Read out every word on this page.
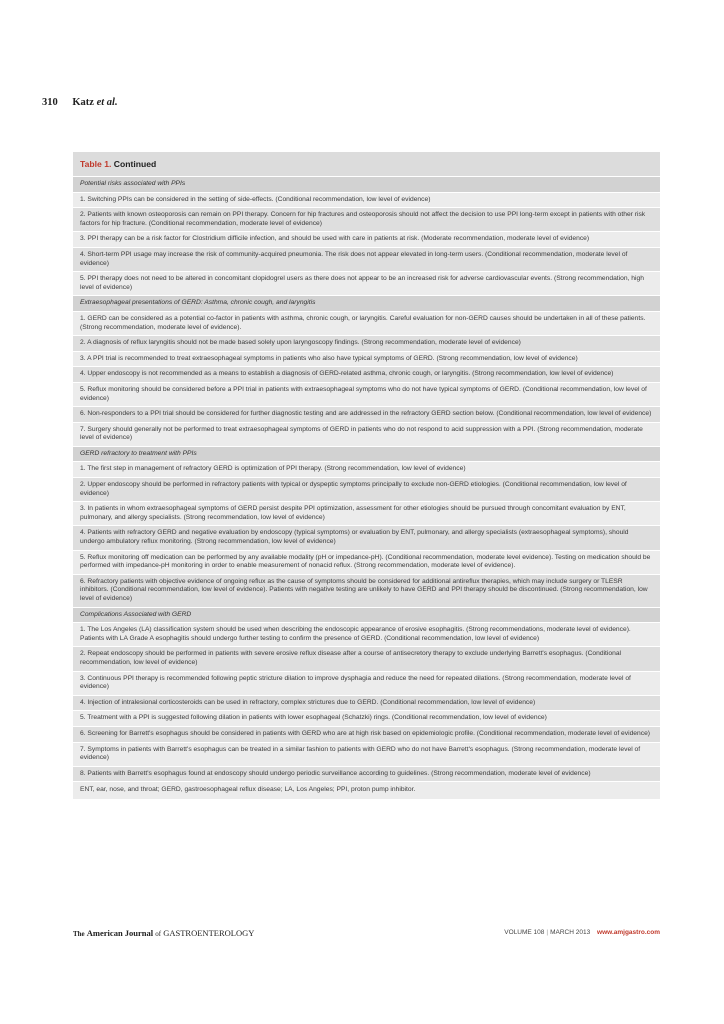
310 Katz et al.
Table 1. Continued
Potential risks associated with PPIs
1. Switching PPIs can be considered in the setting of side-effects. (Conditional recommendation, low level of evidence)
2. Patients with known osteoporosis can remain on PPI therapy. Concern for hip fractures and osteoporosis should not affect the decision to use PPI long-term except in patients with other risk factors for hip fracture. (Conditional recommendation, moderate level of evidence)
3. PPI therapy can be a risk factor for Clostridium difficile infection, and should be used with care in patients at risk. (Moderate recommendation, moderate level of evidence)
4. Short-term PPI usage may increase the risk of community-acquired pneumonia. The risk does not appear elevated in long-term users. (Conditional recommendation, moderate level of evidence)
5. PPI therapy does not need to be altered in concomitant clopidogrel users as there does not appear to be an increased risk for adverse cardiovascular events. (Strong recommendation, high level of evidence)
Extraesophageal presentations of GERD: Asthma, chronic cough, and laryngitis
1. GERD can be considered as a potential co-factor in patients with asthma, chronic cough, or laryngitis. Careful evaluation for non-GERD causes should be undertaken in all of these patients. (Strong recommendation, moderate level of evidence).
2. A diagnosis of reflux laryngitis should not be made based solely upon laryngoscopy findings. (Strong recommendation, moderate level of evidence)
3. A PPI trial is recommended to treat extraesophageal symptoms in patients who also have typical symptoms of GERD. (Strong recommendation, low level of evidence)
4. Upper endoscopy is not recommended as a means to establish a diagnosis of GERD-related asthma, chronic cough, or laryngitis. (Strong recommendation, low level of evidence)
5. Reflux monitoring should be considered before a PPI trial in patients with extraesophageal symptoms who do not have typical symptoms of GERD. (Conditional recommendation, low level of evidence)
6. Non-responders to a PPI trial should be considered for further diagnostic testing and are addressed in the refractory GERD section below. (Conditional recommendation, low level of evidence)
7. Surgery should generally not be performed to treat extraesophageal symptoms of GERD in patients who do not respond to acid suppression with a PPI. (Strong recommendation, moderate level of evidence)
GERD refractory to treatment with PPIs
1. The first step in management of refractory GERD is optimization of PPI therapy. (Strong recommendation, low level of evidence)
2. Upper endoscopy should be performed in refractory patients with typical or dyspeptic symptoms principally to exclude non-GERD etiologies. (Conditional recommendation, low level of evidence)
3. In patients in whom extraesophageal symptoms of GERD persist despite PPI optimization, assessment for other etiologies should be pursued through concomitant evaluation by ENT, pulmonary, and allergy specialists. (Strong recommendation, low level of evidence)
4. Patients with refractory GERD and negative evaluation by endoscopy (typical symptoms) or evaluation by ENT, pulmonary, and allergy specialists (extraesophageal symptoms), should undergo ambulatory reflux monitoring. (Strong recommendation, low level of evidence)
5. Reflux monitoring off medication can be performed by any available modality (pH or impedance-pH). (Conditional recommendation, moderate level evidence). Testing on medication should be performed with impedance-pH monitoring in order to enable measurement of nonacid reflux. (Strong recommendation, moderate level of evidence).
6. Refractory patients with objective evidence of ongoing reflux as the cause of symptoms should be considered for additional antireflux therapies, which may include surgery or TLESR inhibitors. (Conditional recommendation, low level of evidence). Patients with negative testing are unlikely to have GERD and PPI therapy should be discontinued. (Strong recommendation, low level of evidence)
Complications Associated with GERD
1. The Los Angeles (LA) classification system should be used when describing the endoscopic appearance of erosive esophagitis. (Strong recommendations, moderate level of evidence). Patients with LA Grade A esophagitis should undergo further testing to confirm the presence of GERD. (Conditional recommendation, low level of evidence)
2. Repeat endoscopy should be performed in patients with severe erosive reflux disease after a course of antisecretory therapy to exclude underlying Barrett's esophagus. (Conditional recommendation, low level of evidence)
3. Continuous PPI therapy is recommended following peptic stricture dilation to improve dysphagia and reduce the need for repeated dilations. (Strong recommendation, moderate level of evidence)
4. Injection of intralesional corticosteroids can be used in refractory, complex strictures due to GERD. (Conditional recommendation, low level of evidence)
5. Treatment with a PPI is suggested following dilation in patients with lower esophageal (Schatzki) rings. (Conditional recommendation, low level of evidence)
6. Screening for Barrett's esophagus should be considered in patients with GERD who are at high risk based on epidemiologic profile. (Conditional recommendation, moderate level of evidence)
7. Symptoms in patients with Barrett's esophagus can be treated in a similar fashion to patients with GERD who do not have Barrett's esophagus. (Strong recommendation, moderate level of evidence)
8. Patients with Barrett's esophagus found at endoscopy should undergo periodic surveillance according to guidelines. (Strong recommendation, moderate level of evidence)
ENT, ear, nose, and throat; GERD, gastroesophageal reflux disease; LA, Los Angeles; PPI, proton pump inhibitor.
The American Journal of GASTROENTEROLOGY	VOLUME 108 | MARCH 2013 www.amjgastro.com
